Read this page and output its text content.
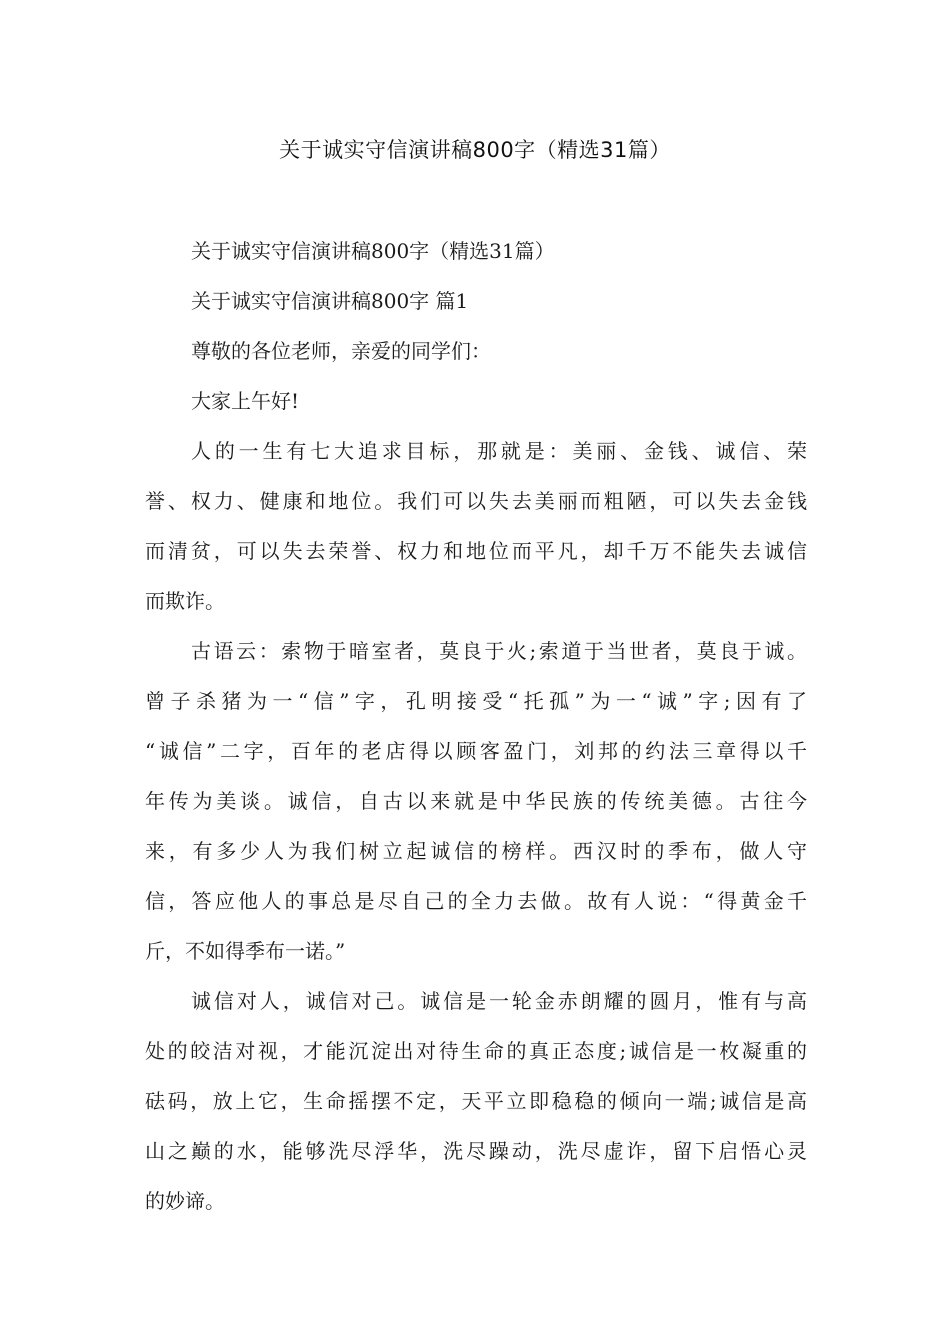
关于诚实守信演讲稿800字（精选31篇）
关于诚实守信演讲稿800字（精选31篇）
关于诚实守信演讲稿800字 篇1
尊敬的各位老师，亲爱的同学们：
大家上午好!
人的一生有七大追求目标，那就是：美丽、金钱、诚信、荣
誉、权力、健康和地位。我们可以失去美丽而粗陋，可以失去金钱
而清贫，可以失去荣誉、权力和地位而平凡，却千万不能失去诚信
而欺诈。
古语云：索物于暗室者，莫良于火;索道于当世者，莫良于诚。
曾子杀猪为一“信”字，孔明接受“托孤”为一“诚”字;因有了
“诚信”二字，百年的老店得以顾客盈门，刘邦的约法三章得以千
年传为美谈。诚信，自古以来就是中华民族的传统美德。古往今
来，有多少人为我们树立起诚信的榜样。西汉时的季布，做人守
信，答应他人的事总是尽自己的全力去做。故有人说：“得黄金千
斤，不如得季布一诺。”
诚信对人，诚信对己。诚信是一轮金赤朗耀的圆月，惟有与高
处的皎洁对视，才能沉淀出对待生命的真正态度;诚信是一枚凝重的
砝码，放上它，生命摇摆不定，天平立即稳稳的倾向一端;诚信是高
山之巅的水，能够洗尽浮华，洗尽躁动，洗尽虚诈，留下启悟心灵
的妙谛。
